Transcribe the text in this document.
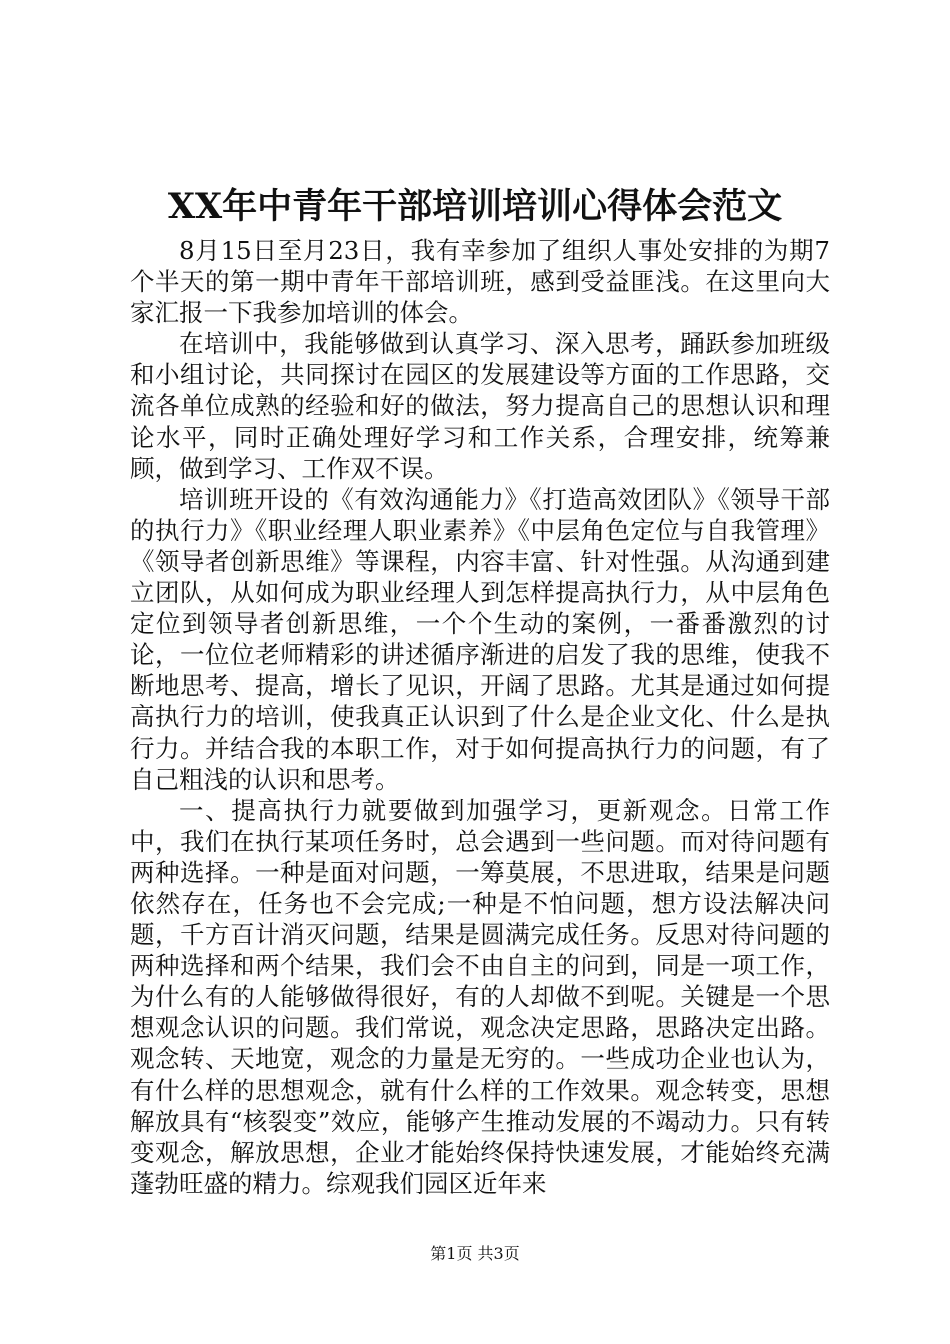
XX年中青年干部培训培训心得体会范文

8月15日至月23日，我有幸参加了组织人事处安排的为期7个半天的第一期中青年干部培训班，感到受益匪浅。在这里向大家汇报一下我参加培训的体会。

在培训中，我能够做到认真学习、深入思考，踊跃参加班级和小组讨论，共同探讨在园区的发展建设等方面的工作思路，交流各单位成熟的经验和好的做法，努力提高自己的思想认识和理论水平，同时正确处理好学习和工作关系，合理安排，统筹兼顾，做到学习、工作双不误。

培训班开设的《有效沟通能力》《打造高效团队》《领导干部的执行力》《职业经理人职业素养》《中层角色定位与自我管理》《领导者创新思维》等课程，内容丰富、针对性强。从沟通到建立团队，从如何成为职业经理人到怎样提高执行力，从中层角色定位到领导者创新思维，一个个生动的案例，一番番激烈的讨论，一位位老师精彩的讲述循序渐进的启发了我的思维，使我不断地思考、提高，增长了见识，开阔了思路。尤其是通过如何提高执行力的培训，使我真正认识到了什么是企业文化、什么是执行力。并结合我的本职工作，对于如何提高执行力的问题，有了自己粗浅的认识和思考。

一、提高执行力就要做到加强学习，更新观念。日常工作中，我们在执行某项任务时，总会遇到一些问题。而对待问题有两种选择。一种是面对问题，一筹莫展，不思进取，结果是问题依然存在，任务也不会完成;一种是不怕问题，想方设法解决问题，千方百计消灭问题，结果是圆满完成任务。反思对待问题的两种选择和两个结果，我们会不由自主的问到，同是一项工作，为什么有的人能够做得很好，有的人却做不到呢。关键是一个思想观念认识的问题。我们常说，观念决定思路，思路决定出路。观念转、天地宽，观念的力量是无穷的。一些成功企业也认为，有什么样的思想观念，就有什么样的工作效果。观念转变，思想解放具有“核裂变”效应，能够产生推动发展的不竭动力。只有转变观念，解放思想，企业才能始终保持快速发展，才能始终充满蓬勃旺盛的精力。综观我们园区近年来

第1页 共3页
